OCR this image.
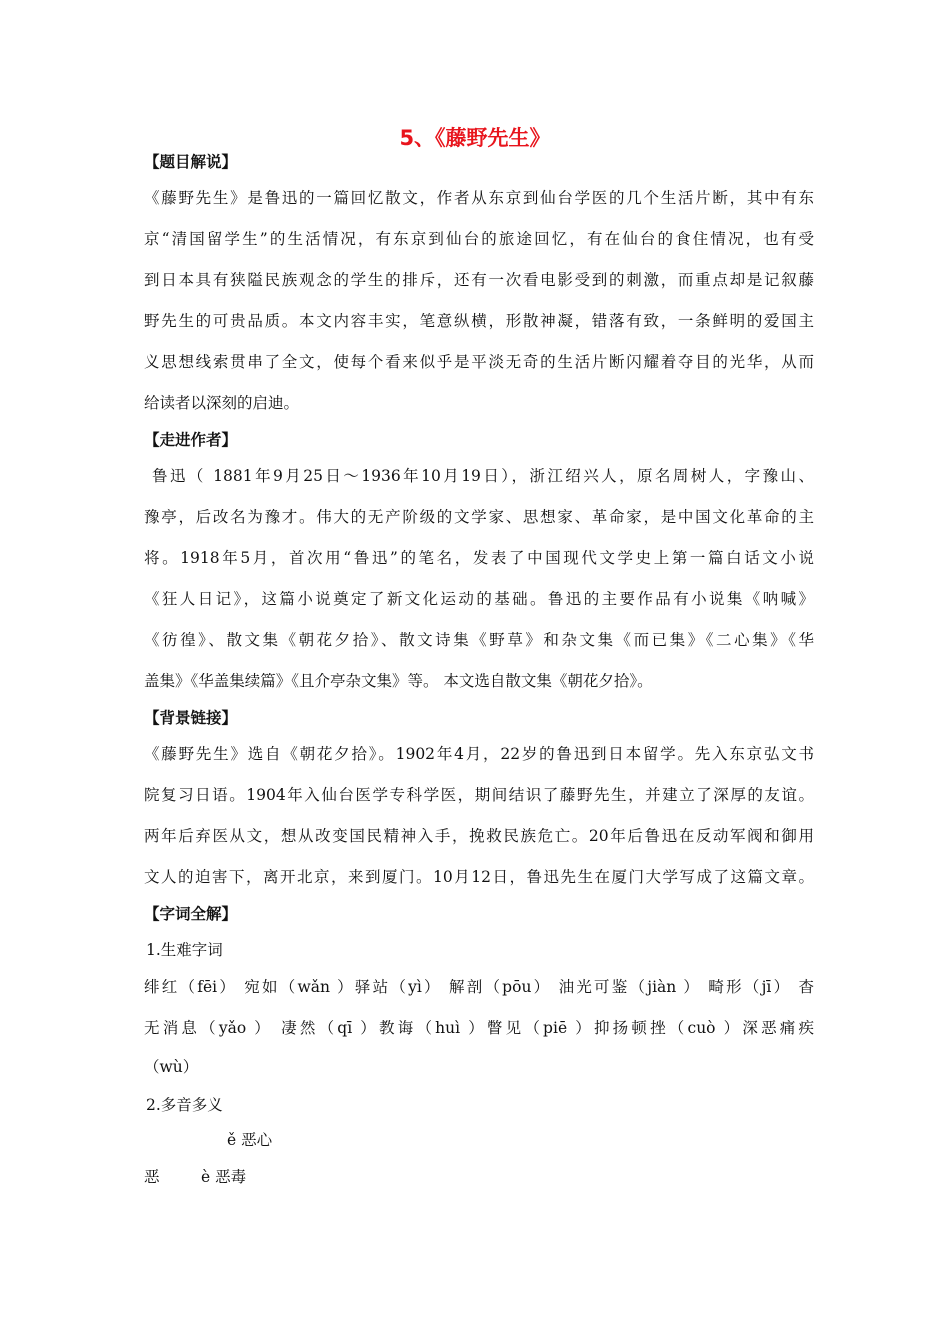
5、《藤野先生》
【题目解说】
《藤野先生》是鲁迅的一篇回忆散文，作者从东京到仙台学医的几个生活片断，其中有东
京“清国留学生”的生活情况，有东京到仙台的旅途回忆，有在仙台的食住情况，也有受
到日本具有狭隘民族观念的学生的排斥，还有一次看电影受到的刺激，而重点却是记叙藤
野先生的可贵品质。本文内容丰实，笔意纵横，形散神凝，错落有致，一条鲜明的爱国主
义思想线索贯串了全文，使每个看来似乎是平淡无奇的生活片断闪耀着夺目的光华，从而
给读者以深刻的启迪。
【走进作者】
鲁迅（ 1881年9月25日～1936年10月19日），浙江绍兴人，原名周树人，字豫山、
豫亭，后改名为豫才。伟大的无产阶级的文学家、思想家、革命家，是中国文化革命的主
将。1918年5月，首次用“鲁迅”的笔名，发表了中国现代文学史上第一篇白话文小说
《狂人日记》，这篇小说奠定了新文化运动的基础。鲁迅的主要作品有小说集《呐喊》
《彷徨》、散文集《朝花夕拾》、散文诗集《野草》和杂文集《而已集》《二心集》《华
盖集》《华盖集续篇》《且介亭杂文集》等。 本文选自散文集《朝花夕拾》。
【背景链接】
《藤野先生》选自《朝花夕拾》。1902年4月，22岁的鲁迅到日本留学。先入东京弘文书
院复习日语。1904年入仙台医学专科学医，期间结识了藤野先生，并建立了深厚的友谊。
两年后弃医从文，想从改变国民精神入手，挽救民族危亡。20年后鲁迅在反动军阀和御用
文人的迫害下，离开北京，来到厦门。10月12日，鲁迅先生在厦门大学写成了这篇文章。
【字词全解】
1.生难字词
绯红（fēi） 宛如（wǎn ）驿站（yì） 解剖（pōu） 油光可鉴（jiàn ） 畸形（jī） 杳
无消息（yǎo ） 凄然（qī ）教诲（huì ）瞥见（piē ）抑扬顿挫（cuò ）深恶痛疾
（wù）
2.多音多义
ě 恶心
恶	è 恶毒
